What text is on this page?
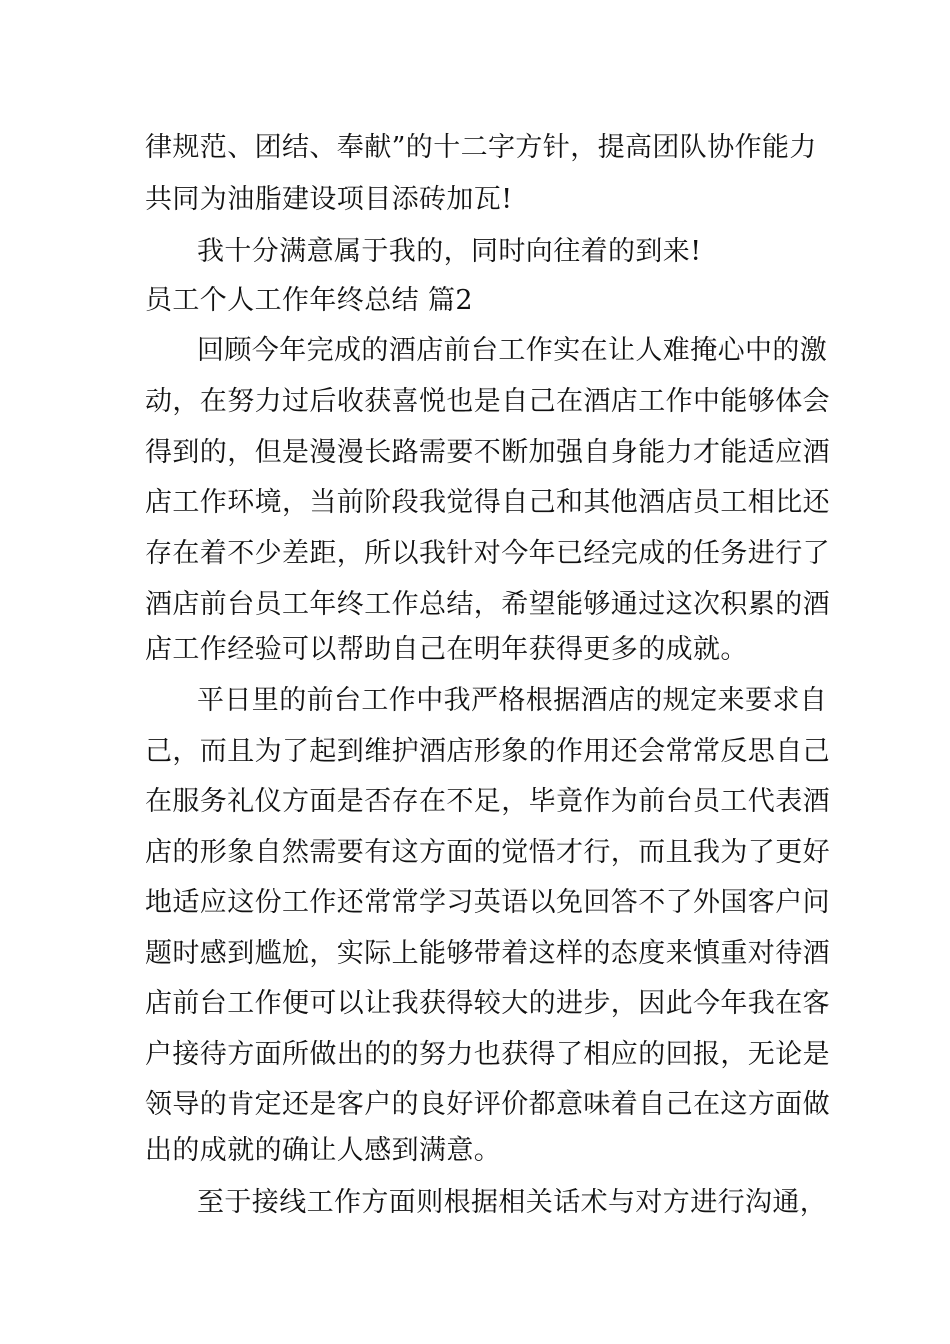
律规范、团结、奉献”的十二字方针，提高团队协作能力
共同为油脂建设项目添砖加瓦!
我十分满意属于我的，同时向往着的到来!
员工个人工作年终总结 篇2
回顾今年完成的酒店前台工作实在让人难掩心中的激
动，在努力过后收获喜悦也是自己在酒店工作中能够体会
得到的，但是漫漫长路需要不断加强自身能力才能适应酒
店工作环境，当前阶段我觉得自己和其他酒店员工相比还
存在着不少差距，所以我针对今年已经完成的任务进行了
酒店前台员工年终工作总结，希望能够通过这次积累的酒
店工作经验可以帮助自己在明年获得更多的成就。
平日里的前台工作中我严格根据酒店的规定来要求自
己，而且为了起到维护酒店形象的作用还会常常反思自己
在服务礼仪方面是否存在不足，毕竟作为前台员工代表酒
店的形象自然需要有这方面的觉悟才行，而且我为了更好
地适应这份工作还常常学习英语以免回答不了外国客户问
题时感到尴尬，实际上能够带着这样的态度来慎重对待酒
店前台工作便可以让我获得较大的进步，因此今年我在客
户接待方面所做出的的努力也获得了相应的回报，无论是
领导的肯定还是客户的良好评价都意味着自己在这方面做
出的成就的确让人感到满意。
至于接线工作方面则根据相关话术与对方进行沟通，
